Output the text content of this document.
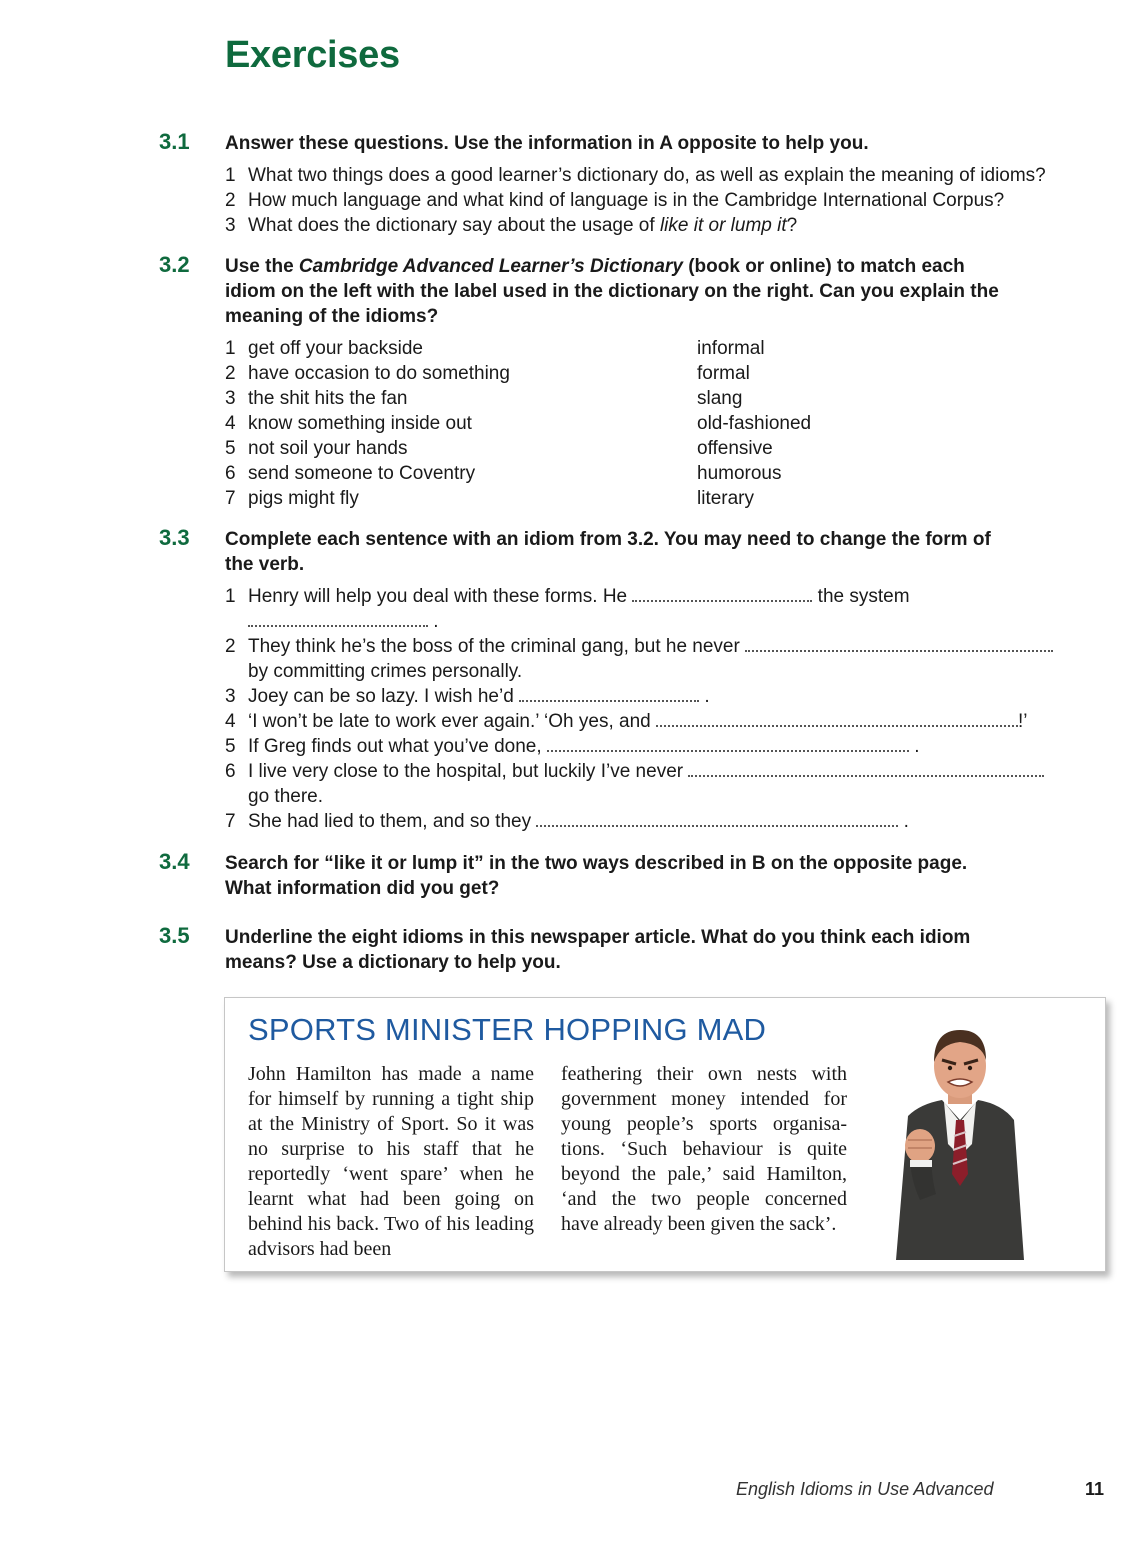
Exercises
3.1 Answer these questions. Use the information in A opposite to help you.

1 What two things does a good learner’s dictionary do, as well as explain the meaning of idioms?
2 How much language and what kind of language is in the Cambridge International Corpus?
3 What does the dictionary say about the usage of like it or lump it?
3.2 Use the Cambridge Advanced Learner’s Dictionary (book or online) to match each idiom on the left with the label used in the dictionary on the right. Can you explain the meaning of the idioms?

1 get off your backside	informal
2 have occasion to do something	formal
3 the shit hits the fan	slang
4 know something inside out	old-fashioned
5 not soil your hands	offensive
6 send someone to Coventry	humorous
7 pigs might fly	literary
3.3 Complete each sentence with an idiom from 3.2. You may need to change the form of the verb.

1 Henry will help you deal with these forms. He	the system
.
2 They think he’s the boss of the criminal gang, but he never
by committing crimes personally.
3 Joey can be so lazy. I wish he’d	.
4 ‘I won’t be late to work ever again.’ ‘Oh yes, and	!’
5 If Greg finds out what you’ve done,	.
6 I live very close to the hospital, but luckily I’ve never
go there.
7 She had lied to them, and so they	.
3.4 Search for “like it or lump it” in the two ways described in B on the opposite page. What information did you get?

3.5 Underline the eight idioms in this newspaper article. What do you think each idiom means? Use a dictionary to help you.

SPORTS MINISTER HOPPING MAD
John Hamilton has made a name for himself by running a tight ship at the Ministry of Sport. So it was no surprise to his staff that he reportedly ‘went spare’ when he learnt what had been going on behind his back. Two of his leading advisors had been
feathering their own nests with government money intended for young people’s sports organisations. ‘Such behaviour is quite beyond the pale,’ said Hamilton, ‘and the two people concerned have already been given the sack’.
English Idioms in Use Advanced	11
